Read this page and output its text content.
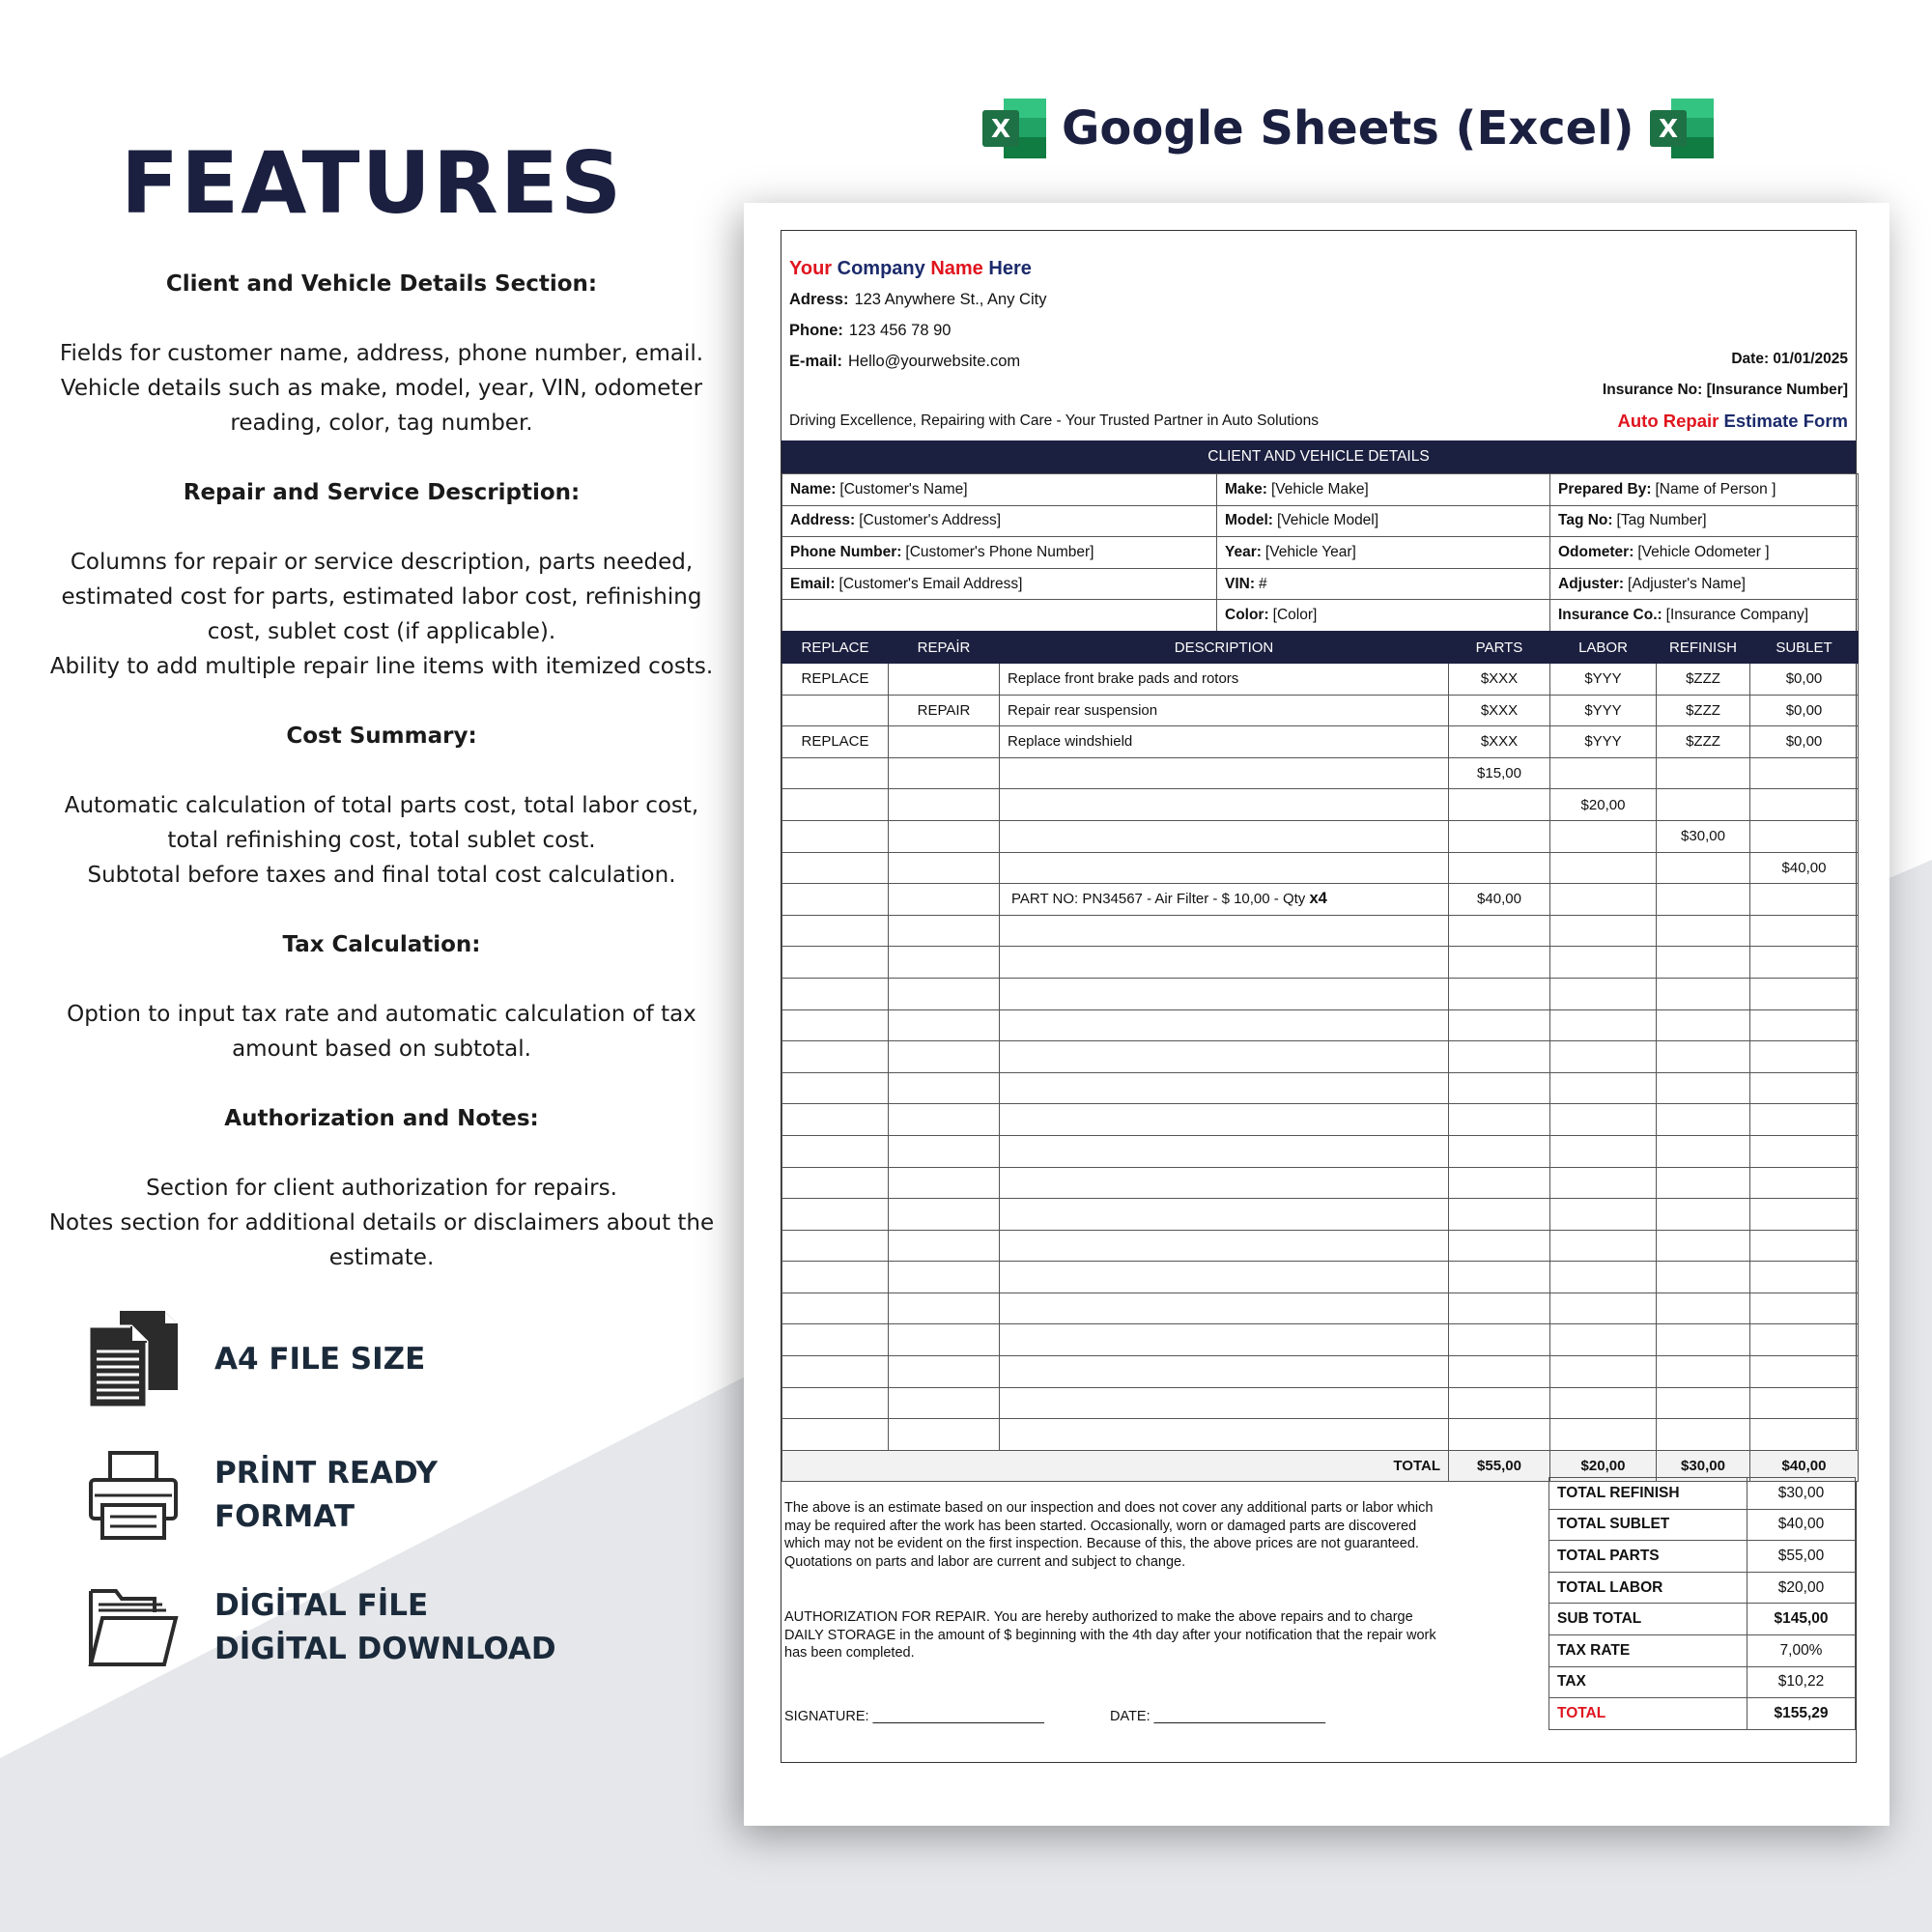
FEATURES
Client and Vehicle Details Section:
Fields for customer name, address, phone number, email.
Vehicle details such as make, model, year, VIN, odometer
reading, color, tag number.
Repair and Service Description:
Columns for repair or service description, parts needed,
estimated cost for parts, estimated labor cost, refinishing
cost, sublet cost (if applicable).
Ability to add multiple repair line items with itemized costs.
Cost Summary:
Automatic calculation of total parts cost, total labor cost,
total refinishing cost, total sublet cost.
Subtotal before taxes and final total cost calculation.
Tax Calculation:
Option to input tax rate and automatic calculation of tax
amount based on subtotal.
Authorization and Notes:
Section for client authorization for repairs.
Notes section for additional details or disclaimers about the
estimate.
A4 FILE SIZE
PRİNT READY
FORMAT
DİGİTAL FİLE
DİGİTAL DOWNLOAD
X Google Sheets (Excel) X
Your Company Name Here
Adress: 123 Anywhere St., Any City
Phone: 123 456 78 90
E-mail: Hello@yourwebsite.com	Date: 01/01/2025
Insurance No: [Insurance Number]
Driving Excellence, Repairing with Care - Your Trusted Partner in Auto Solutions	Auto Repair Estimate Form
CLIENT AND VEHICLE DETAILS
Name: [Customer's Name]	Make: [Vehicle Make]	Prepared By: [Name of Person ]
Address: [Customer's Address]	Model: [Vehicle Model]	Tag No: [Tag Number]
Phone Number: [Customer's Phone Number]	Year: [Vehicle Year]	Odometer: [Vehicle Odometer ]
Email: [Customer's Email Address]	VIN: #	Adjuster: [Adjuster's Name]
	Color: [Color]	Insurance Co.: [Insurance Company]
REPLACE	REPAİR	DESCRIPTION	PARTS	LABOR	REFINISH	SUBLET
REPLACE		Replace front brake pads and rotors	$XXX	$YYY	$ZZZ	$0,00
	REPAIR	Repair rear suspension	$XXX	$YYY	$ZZZ	$0,00
REPLACE		Replace windshield	$XXX	$YYY	$ZZZ	$0,00
			$15,00			
				$20,00		
					$30,00	
						$40,00
		PART NO: PN34567 - Air Filter - $ 10,00 - Qty x4	$40,00			

TOTAL			$55,00	$20,00	$30,00	$40,00
The above is an estimate based on our inspection and does not cover any additional parts or labor which may be required after the work has been started. Occasionally, worn or damaged parts are discovered which may not be evident on the first inspection. Because of this, the above prices are not guaranteed. Quotations on parts and labor are current and subject to change.
AUTHORIZATION FOR REPAIR. You are hereby authorized to make the above repairs and to charge DAILY STORAGE in the amount of $ beginning with the 4th day after your notification that the repair work has been completed.
SIGNATURE: ______________________	DATE: ______________________
TOTAL REFINISH	$30,00
TOTAL SUBLET	$40,00
TOTAL PARTS	$55,00
TOTAL LABOR	$20,00
SUB TOTAL	$145,00
TAX RATE	7,00%
TAX	$10,22
TOTAL	$155,29
